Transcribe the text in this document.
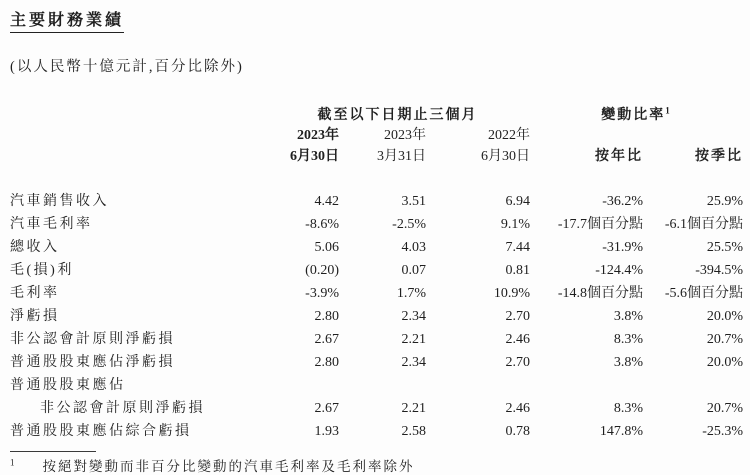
主要財務業績
(以人民幣十億元計,百分比除外)
	截至以下日期止三個月			變動比率$^1$
	2023年	2023年	2022年		
	6月30日	3月31日	6月30日	按年比	按季比

汽車銷售收入	4.42	3.51	6.94	-36.2%	25.9%
汽車毛利率	-8.6%	-2.5%	9.1%	-17.7個百分點	-6.1個百分點
總收入	5.06	4.03	7.44	-31.9%	25.5%
毛(損)利	(0.20)	0.07	0.81	-124.4%	-394.5%
毛利率	-3.9%	1.7%	10.9%	-14.8個百分點	-5.6個百分點
淨虧損	2.80	2.34	2.70	3.8%	20.0%
非公認會計原則淨虧損	2.67	2.21	2.46	8.3%	20.7%
普通股股東應佔淨虧損	2.80	2.34	2.70	3.8%	20.0%
普通股股東應佔					
非公認會計原則淨虧損	2.67	2.21	2.46	8.3%	20.7%
普通股股東應佔綜合虧損	1.93	2.58	0.78	147.8%	-25.3%
$^1$ 按絕對變動而非百分比變動的汽車毛利率及毛利率除外
